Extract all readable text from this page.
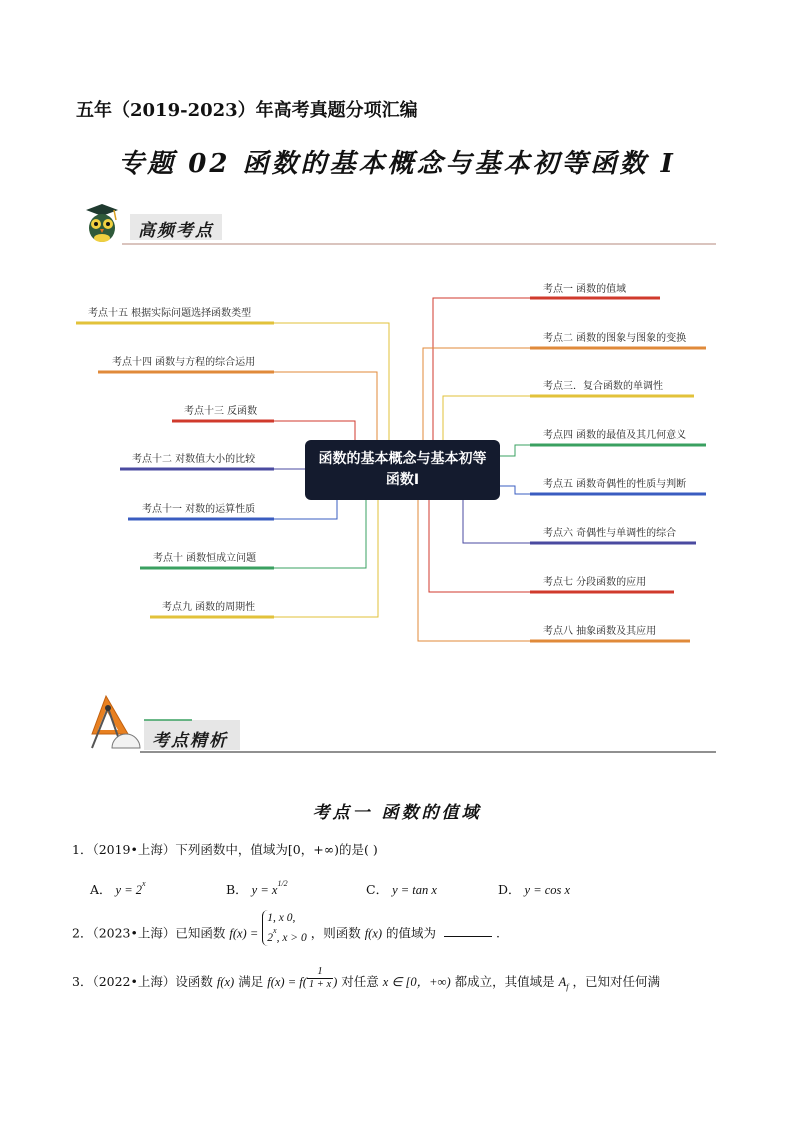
五年（2019-2023）年高考真题分项汇编
专题 02 函数的基本概念与基本初等函数 I
高频考点
函数的基本概念与基本初等函数I
考点一 函数的值域
考点二 函数的图象与图象的变换
考点三．复合函数的单调性
考点四 函数的最值及其几何意义
考点五 函数奇偶性的性质与判断
考点六 奇偶性与单调性的综合
考点七 分段函数的应用
考点八 抽象函数及其应用
考点十五 根据实际问题选择函数类型
考点十四 函数与方程的综合运用
考点十三 反函数
考点十二 对数值大小的比较
考点十一 对数的运算性质
考点十 函数恒成立问题
考点九 函数的周期性
考点精析
考点一 函数的值域
1．（2019•上海）下列函数中，值域为[0，+∞)的是( )
A． $y = 2^x$	B． $y = x^{1/2}$	C． y = tan x	D． y = cos x
2．（2023•上海）已知函数 f(x) = 1, x 0,
2$^x$, x > 0 ，则函数 f(x) 的值域为	.
3．（2022•上海）设函数 f(x) 满足 $f(x) = f( \frac{1}{1 + x}$ ) 对任意 x ∈ [0，+∞) 都成立，其值域是 $A_f$ ，已知对任何满
